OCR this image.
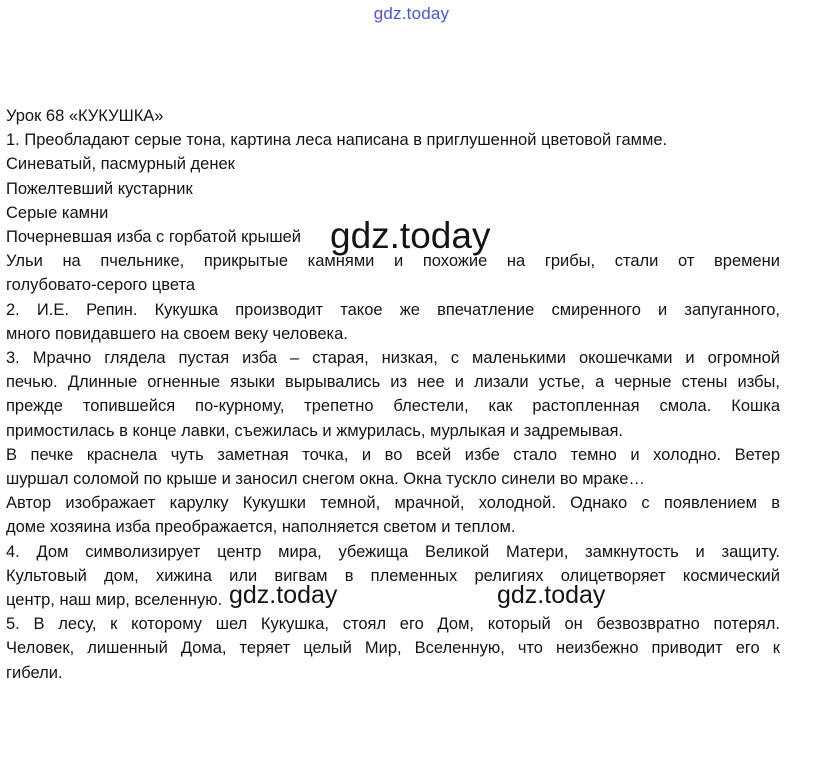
gdz.today
Урок 68 «КУКУШКА»
1. Преобладают серые тона, картина леса написана в приглушенной цветовой гамме.
Синеватый, пасмурный денек
Пожелтевший кустарник
Серые камни
Почерневшая изба с горбатой крышей
Ульи на пчельнике, прикрытые камнями и похожие на грибы, стали от времени
голубовато-серого цвета
2. И.Е. Репин. Кукушка производит такое же впечатление смиренного и запуганного,
много повидавшего на своем веку человека.
3. Мрачно глядела пустая изба – старая, низкая, с маленькими окошечками и огромной
печью. Длинные огненные языки вырывались из нее и лизали устье, а черные стены избы,
прежде топившейся по-курному, трепетно блестели, как растопленная смола. Кошка
примостилась в конце лавки, съежилась и жмурилась, мурлыкая и задремывая.
В печке краснела чуть заметная точка, и во всей избе стало темно и холодно. Ветер
шуршал соломой по крыше и заносил снегом окна. Окна тускло синели во мраке…
Автор изображает карулку Кукушки темной, мрачной, холодной. Однако с появлением в
доме хозяина изба преображается, наполняется светом и теплом.
4. Дом символизирует центр мира, убежища Великой Матери, замкнутость и защиту.
Культовый дом, хижина или вигвам в племенных религиях олицетворяет космический
центр, наш мир, вселенную.
5. В лесу, к которому шел Кукушка, стоял его Дом, который он безвозвратно потерял.
Человек, лишенный Дома, теряет целый Мир, Вселенную, что неизбежно приводит его к
гибели.
gdz.today
gdz.today	gdz.today
